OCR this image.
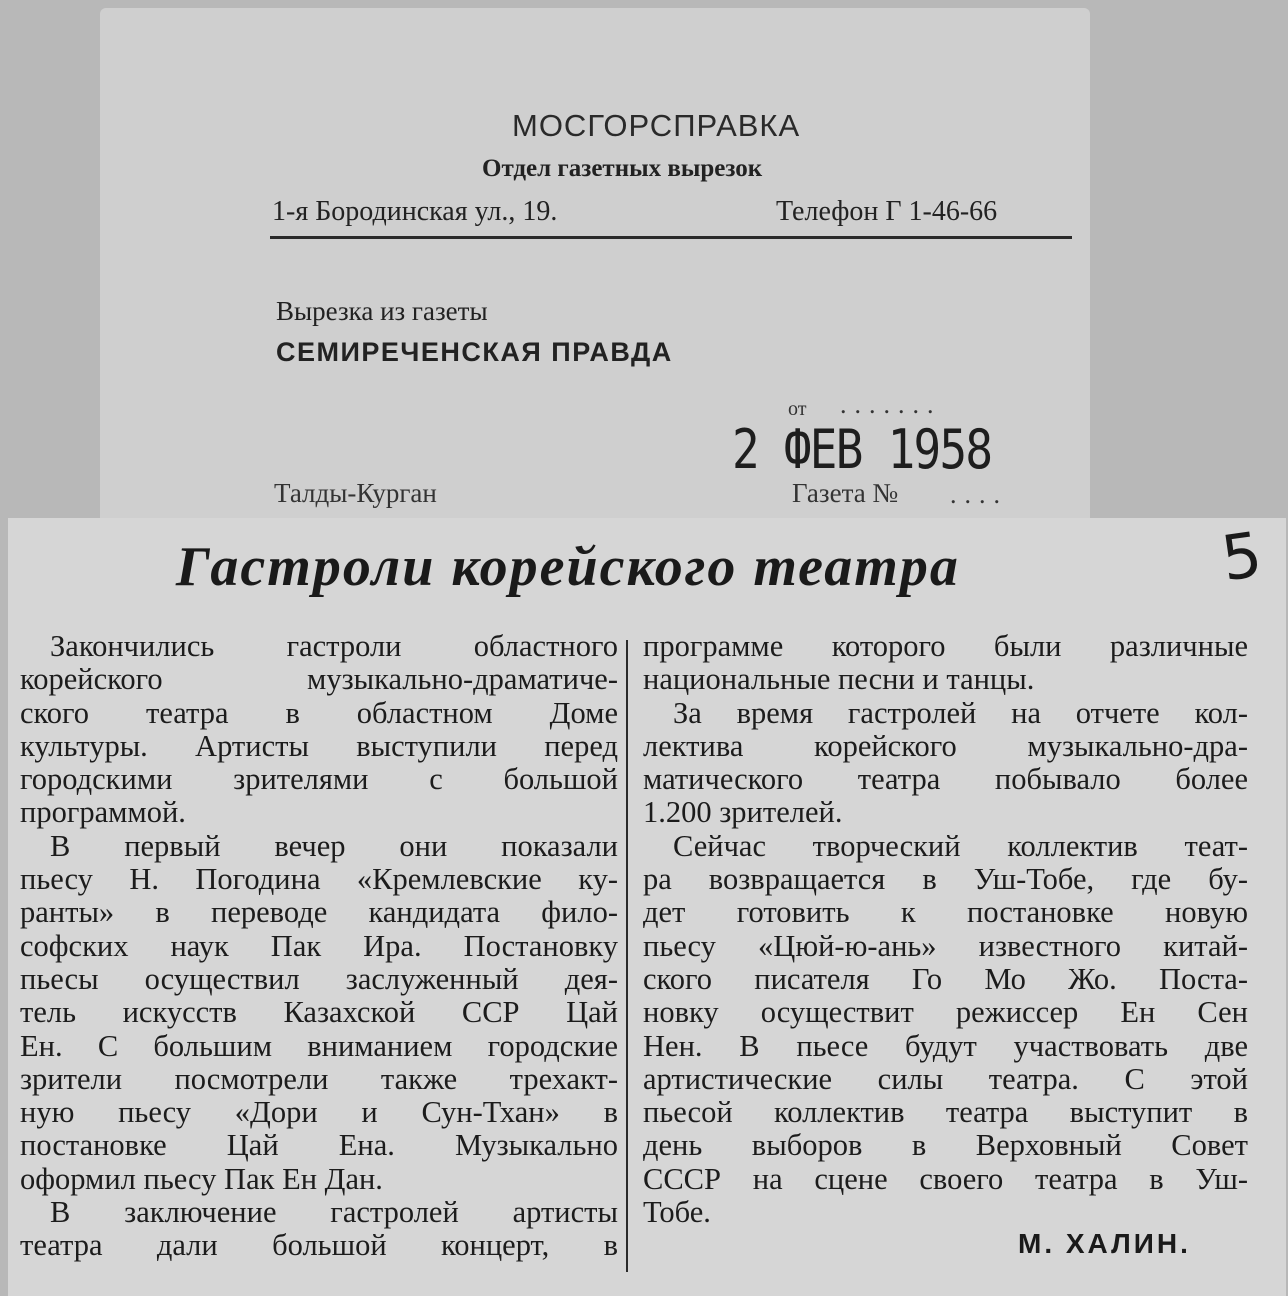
МОСГОРСПРАВКА
Отдел газетных вырезок
1-я Бородинская ул., 19.	Телефон Г 1-46-66
Вырезка из газеты
СЕМИРЕЧЕНСКАЯ ПРАВДА
от .......
2 ФЕВ 1958
Талды-Курган	Газета № ....
Гастроли корейского театра	5
Закончились гастроли областного
корейского музыкально-драматиче-
ского театра в областном Доме
культуры. Артисты выступили перед
городскими зрителями с большой
программой.
В первый вечер они показали
пьесу Н. Погодина «Кремлевские ку-
ранты» в переводе кандидата фило-
софских наук Пак Ира. Постановку
пьесы осуществил заслуженный дея-
тель искусств Казахской ССР Цай
Ен. С большим вниманием городские
зрители посмотрели также трехакт-
ную пьесу «Дори и Сун-Тхан» в
постановке Цай Ена. Музыкально
оформил пьесу Пак Ен Дан.
В заключение гастролей артисты
театра дали большой концерт, в
программе которого были различные
национальные песни и танцы.
За время гастролей на отчете кол-
лектива корейского музыкально-дра-
матического театра побывало более
1.200 зрителей.
Сейчас творческий коллектив теат-
ра возвращается в Уш-Тобе, где бу-
дет готовить к постановке новую
пьесу «Цюй-ю-ань» известного китай-
ского писателя Го Мо Жо. Поста-
новку осуществит режиссер Ен Сен
Нен. В пьесе будут участвовать две
артистические силы театра. С этой
пьесой коллектив театра выступит в
день выборов в Верховный Совет
СССР на сцене своего театра в Уш-
Тобе.
М. ХАЛИН.
